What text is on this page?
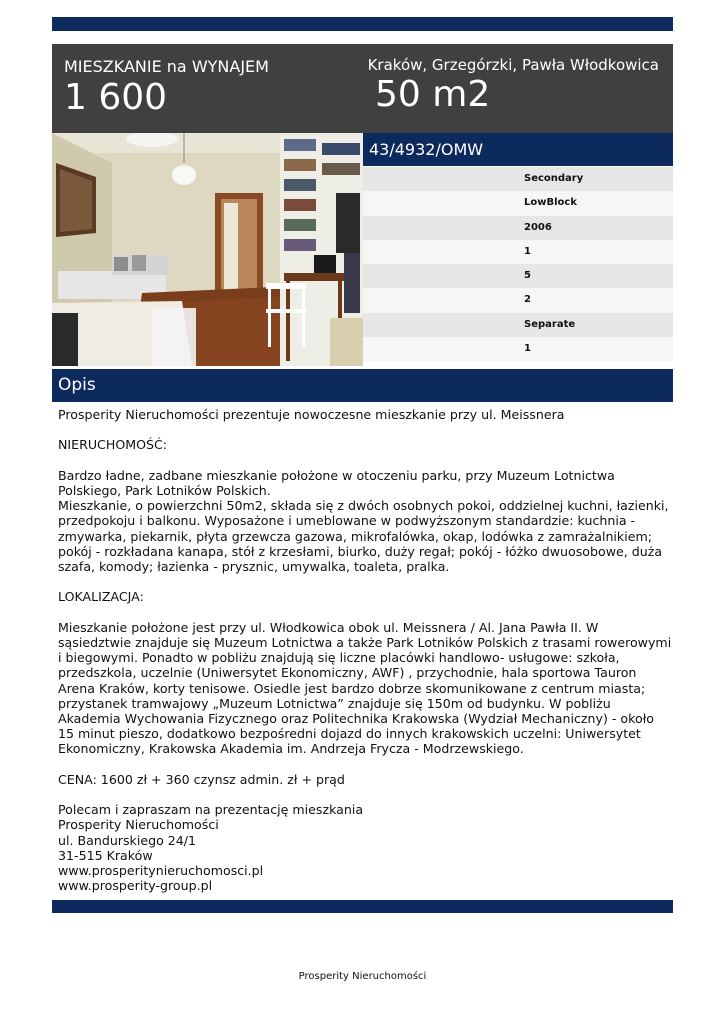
MIESZKANIE na WYNAJEM
1 600
Kraków, Grzegórzki, Pawła Włodkowica
50 m2
43/4932/OMW
Secondary
LowBlock
2006
1
5
2
Separate
1
Opis

Prosperity Nieruchomości prezentuje nowoczesne mieszkanie przy ul. Meissnera

NIERUCHOMOŚĆ:

Bardzo ładne, zadbane mieszkanie położone w otoczeniu parku, przy Muzeum Lotnictwa Polskiego, Park Lotników Polskich.

Mieszkanie, o powierzchni 50m2, składa się z dwóch osobnych pokoi, oddzielnej kuchni, łazienki, przedpokoju i balkonu. Wyposażone i umeblowane w podwyższonym standardzie: kuchnia - zmywarka, piekarnik, płyta grzewcza gazowa, mikrofalówka, okap, lodówka z zamrażalnikiem; pokój - rozkładana kanapa, stół z krzesłami, biurko, duży regał; pokój - łóżko dwuosobowe, duża szafa, komody; łazienka - prysznic, umywalka, toaleta, pralka.

LOKALIZACJA:

Mieszkanie położone jest przy ul. Włodkowica obok ul. Meissnera / Al. Jana Pawła II. W sąsiedztwie znajduje się Muzeum Lotnictwa a także Park Lotników Polskich z trasami rowerowymi i biegowymi. Ponadto w pobliżu znajdują się liczne placówki handlowo- usługowe: szkoła, przedszkola, uczelnie (Uniwersytet Ekonomiczny, AWF) , przychodnie, hala sportowa Tauron Arena Kraków, korty tenisowe. Osiedle jest bardzo dobrze skomunikowane z centrum miasta; przystanek tramwajowy „Muzeum Lotnictwa” znajduje się 150m od budynku. W pobliżu Akademia Wychowania Fizycznego oraz Politechnika Krakowska (Wydział Mechaniczny) - około 15 minut pieszo, dodatkowo bezpośredni dojazd do innych krakowskich uczelni: Uniwersytet Ekonomiczny, Krakowska Akademia im. Andrzeja Frycza - Modrzewskiego.

CENA: 1600 zł + 360 czynsz admin. zł + prąd

Polecam i zapraszam na prezentację mieszkania

Prosperity Nieruchomości

ul. Bandurskiego 24/1

31-515 Kraków

www.prosperitynieruchomosci.pl

www.prosperity-group.pl

Prosperity Nieruchomości
